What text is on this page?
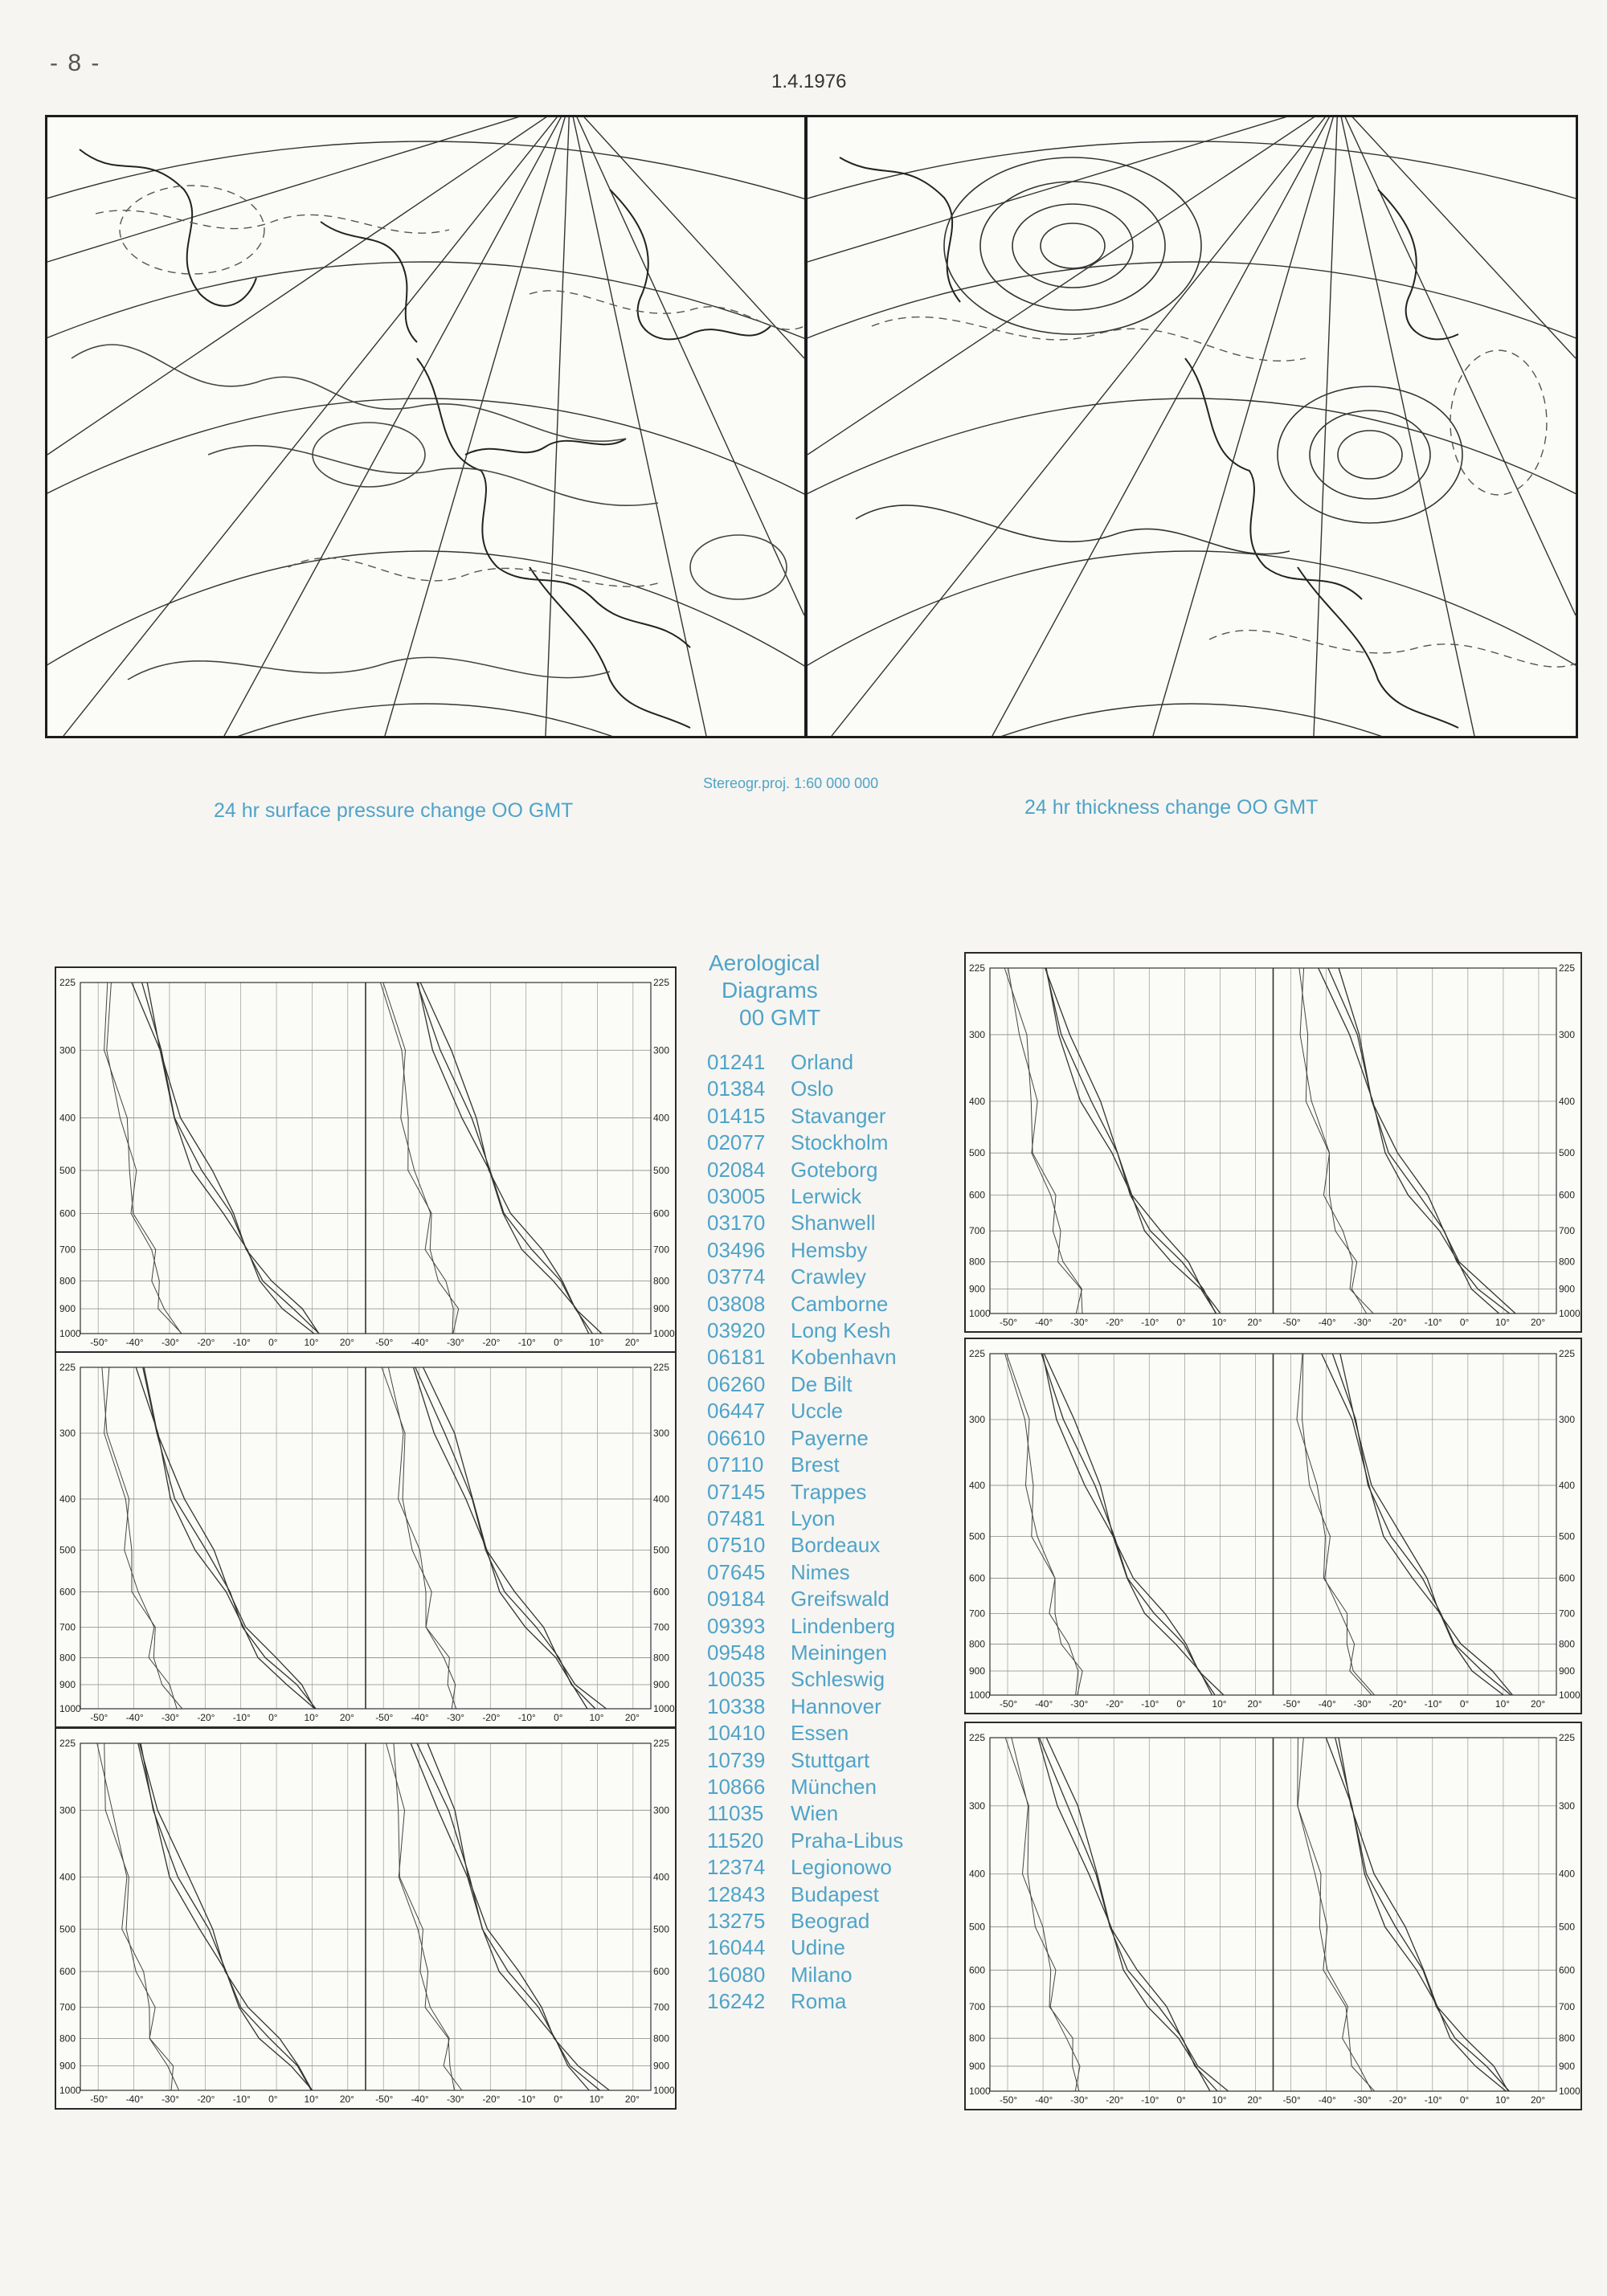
- 8 -
1.4.1976
Stereogr.proj. 1:60 000 000
24 hr surface pressure change OO GMT	24 hr thickness change OO GMT
Aerological
Diagrams
00 GMT
01241	Orland
01384	Oslo
01415	Stavanger
02077	Stockholm
02084	Goteborg
03005	Lerwick
03170	Shanwell
03496	Hemsby
03774	Crawley
03808	Camborne
03920	Long Kesh
06181	Kobenhavn
06260	De Bilt
06447	Uccle
06610	Payerne
07110	Brest
07145	Trappes
07481	Lyon
07510	Bordeaux
07645	Nimes
09184	Greifswald
09393	Lindenberg
09548	Meiningen
10035	Schleswig
10338	Hannover
10410	Essen
10739	Stuttgart
10866	München
11035	Wien
11520	Praha-Libus
12374	Legionowo
12843	Budapest
13275	Beograd
16044	Udine
16080	Milano
16242	Roma
225	225
300	300
400	400
500	500
600	600
700	700
800	800
900	900
1000	1000
-50° -40° -30° -20° -10° 0°	10° 20° -50° -40° -30° -20° -10° 0°	10° 20°
225	225
300	300
400	400
500	500
600	600
700	700
800	800
900	900
1000	1000
-50° -40° -30° -20° -10° 0°	10° 20° -50° -40° -30° -20° -10° 0°	10° 20°
225	225
300	300
400	400
500	500
600	600
700	700
800	800
900	900
1000	1000
-50° -40° -30° -20° -10° 0°	10° 20° -50° -40° -30° -20° -10° 0°	10° 20°
225	225
300	300
400	400
500	500
600	600
700	700
800	800
900	900
1000	1000
-50° -40° -30° -20° -10° 0°	10° 20° -50° -40° -30° -20° -10° 0°	10° 20°
225	225
300	300
400	400
500	500
600	600
700	700
800	800
900	900
1000	1000
-50° -40° -30° -20° -10° 0°	10° 20° -50° -40° -30° -20° -10° 0°	10° 20°
225	225
300	300
400	400
500	500
600	600
700	700
800	800
900	900
1000	1000
-50° -40° -30° -20° -10° 0°	10° 20° -50° -40° -30° -20° -10° 0°	10° 20°
